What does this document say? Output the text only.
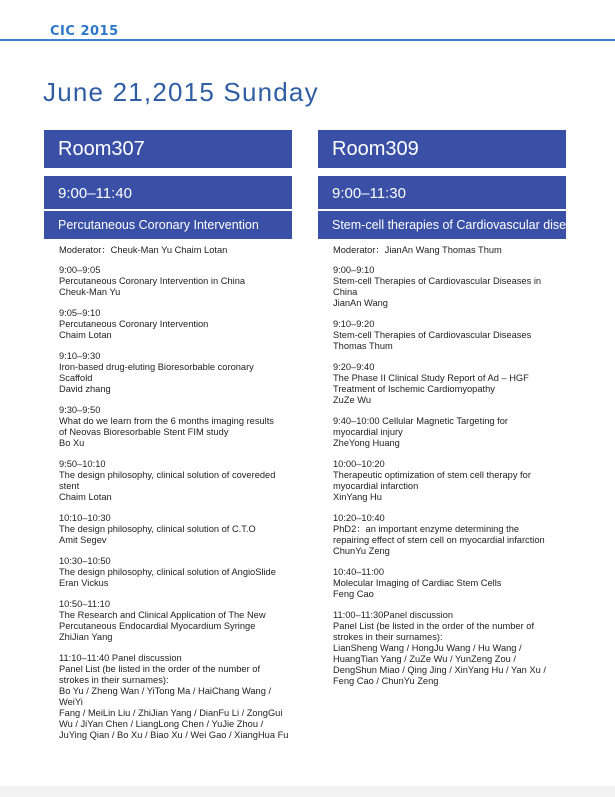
CIC 2015
June 21,2015 Sunday
Room307
9:00–11:40
Percutaneous Coronary Intervention
Moderator：Cheuk-Man Yu Chaim Lotan
9:00–9:05
Percutaneous Coronary Intervention in China
Cheuk-Man Yu
9:05–9:10
Percutaneous Coronary Intervention
Chaim Lotan
9:10–9:30
Iron-based drug-eluting Bioresorbable coronary
Scaffold
David zhang
9:30–9:50
What do we learn from the 6 months imaging results
of Neovas Bioresorbable Stent FIM study
Bo Xu
9:50–10:10
The design philosophy, clinical solution of covereded
stent
Chaim Lotan
10:10–10:30
The design philosophy, clinical solution of C.T.O
Amit Segev
10:30–10:50
The design philosophy, clinical solution of AngioSlide
Eran Vickus
10:50–11:10
The Research and Clinical Application of The New
Percutaneous Endocardial Myocardium Syringe
ZhiJian Yang
11:10–11:40 Panel discussion
Panel List (be listed in the order of the number of
strokes in their surnames):
Bo Yu / Zheng Wan / YiTong Ma / HaiChang Wang / WeiYi
Fang / MeiLin Liu / ZhiJian Yang / DianFu Li / ZongGui
Wu / JiYan Chen / LiangLong Chen / YuJie Zhou /
JuYing Qian / Bo Xu / Biao Xu / Wei Gao / XiangHua Fu
Room309
9:00–11:30
Stem-cell therapies of Cardiovascular diseases
Moderator：JianAn Wang Thomas Thum
9:00–9:10
Stem-cell Therapies of Cardiovascular Diseases in
China
JianAn Wang
9:10–9:20
Stem-cell Therapies of Cardiovascular Diseases
Thomas Thum
9:20–9:40
The Phase II Clinical Study Report of Ad – HGF
Treatment of Ischemic Cardiomyopathy
ZuZe Wu
9:40–10:00 Cellular Magnetic Targeting for
myocardial injury
ZheYong Huang
10:00–10:20
Therapeutic optimization of stem cell therapy for
myocardial infarction
XinYang Hu
10:20–10:40
PhD2：an important enzyme determining the
repairing effect of stem cell on myocardial infarction
ChunYu Zeng
10:40–11:00
Molecular Imaging of Cardiac Stem Cells
Feng Cao
11:00–11:30Panel discussion
Panel List (be listed in the order of the number of
strokes in their surnames):
LianSheng Wang / HongJu Wang / Hu Wang /
HuangTian Yang / ZuZe Wu / YunZeng Zou /
DengShun Miao / Qing Jing / XinYang Hu / Yan Xu /
Feng Cao / ChunYu Zeng
